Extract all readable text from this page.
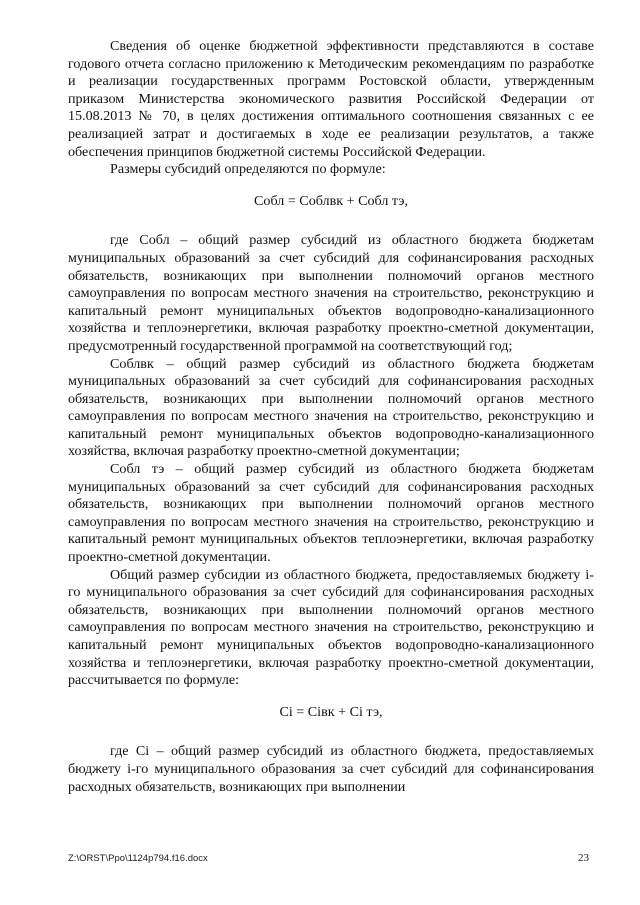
Сведения об оценке бюджетной эффективности представляются в составе годового отчета согласно приложению к Методическим рекомендациям по разработке и реализации государственных программ Ростовской области, утвержденным приказом Министерства экономического развития Российской Федерации от 15.08.2013 № 70, в целях достижения оптимального соотношения связанных с ее реализацией затрат и достигаемых в ходе ее реализации результатов, а также обеспечения принципов бюджетной системы Российской Федерации.

Размеры субсидий определяются по формуле:

Собл = Соблвк + Собл тэ,

где Собл – общий размер субсидий из областного бюджета бюджетам муниципальных образований за счет субсидий для софинансирования расходных обязательств, возникающих при выполнении полномочий органов местного самоуправления по вопросам местного значения на строительство, реконструкцию и капитальный ремонт муниципальных объектов водопроводно-канализационного хозяйства и теплоэнергетики, включая разработку проектно-сметной документации, предусмотренный государственной программой на соответствующий год;

Соблвк – общий размер субсидий из областного бюджета бюджетам муниципальных образований за счет субсидий для софинансирования расходных обязательств, возникающих при выполнении полномочий органов местного самоуправления по вопросам местного значения на строительство, реконструкцию и капитальный ремонт муниципальных объектов водопроводно-канализационного хозяйства, включая разработку проектно-сметной документации;

Собл тэ – общий размер субсидий из областного бюджета бюджетам муниципальных образований за счет субсидий для софинансирования расходных обязательств, возникающих при выполнении полномочий органов местного самоуправления по вопросам местного значения на строительство, реконструкцию и капитальный ремонт муниципальных объектов теплоэнергетики, включая разработку проектно-сметной документации.

Общий размер субсидии из областного бюджета, предоставляемых бюджету i-го муниципального образования за счет субсидий для софинансирования расходных обязательств, возникающих при выполнении полномочий органов местного самоуправления по вопросам местного значения на строительство, реконструкцию и капитальный ремонт муниципальных объектов водопроводно-канализационного хозяйства и теплоэнергетики, включая разработку проектно-сметной документации, рассчитывается по формуле:

Сi = Сiвк + Сi тэ,

где Сi – общий размер субсидий из областного бюджета, предоставляемых бюджету i-го муниципального образования за счет субсидий для софинансирования расходных обязательств, возникающих при выполнении

Z:\ORST\Ppo\1124p794.f16.docx	23
